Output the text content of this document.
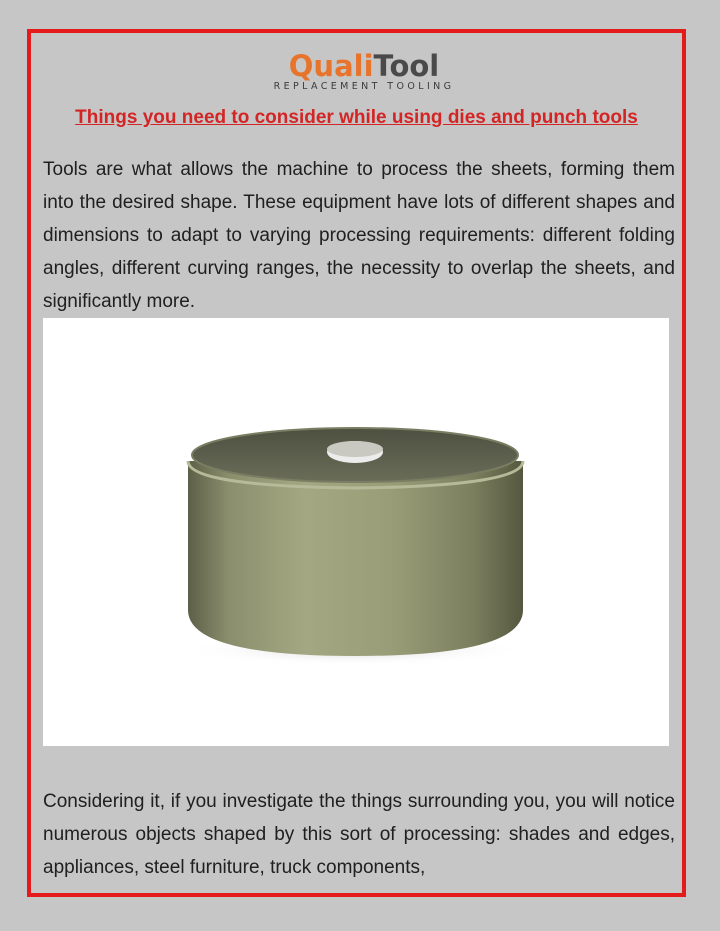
QualiTool
REPLACEMENT TOOLING
Things you need to consider while using dies and punch tools

Tools are what allows the machine to process the sheets, forming them into the desired shape. These equipment have lots of different shapes and dimensions to adapt to varying processing requirements: different folding angles, different curving ranges, the necessity to overlap the sheets, and significantly more.

Considering it, if you investigate the things surrounding you, you will notice numerous objects shaped by this sort of processing: shades and edges, appliances, steel furniture, truck components,
